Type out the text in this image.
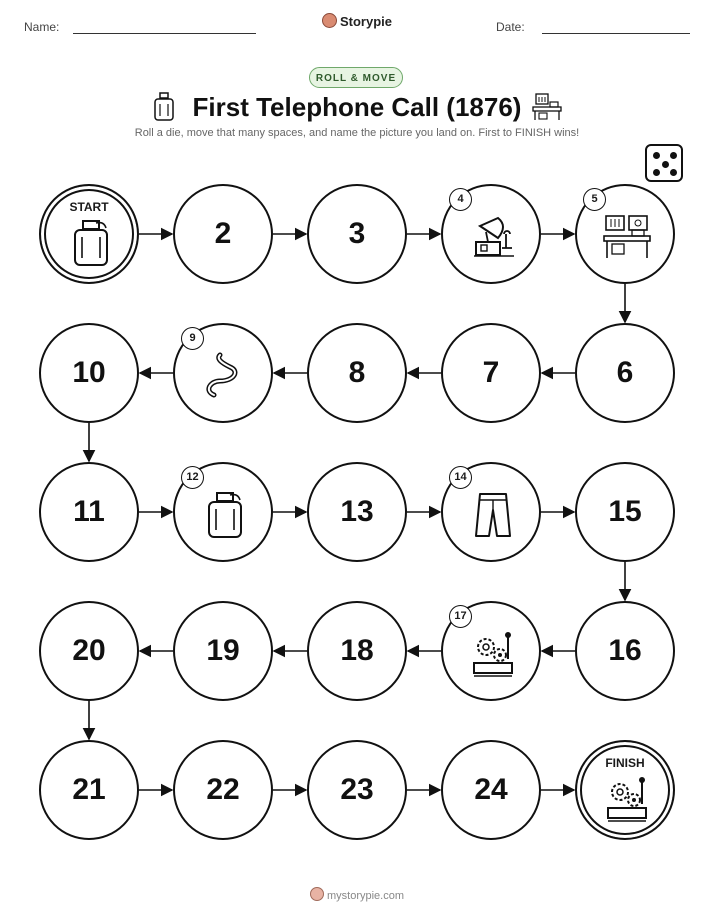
Name:	Storypie	Date:
ROLL & MOVE
First Telephone Call (1876)
Roll a die, move that many spaces, and name the picture you land on. First to FINISH wins!
START
2	3
4	5
6
7
8
9
10
11
12
13
14
15
16
17
18
19
20
21	22	23	24
FINISH
mystorypie.com
